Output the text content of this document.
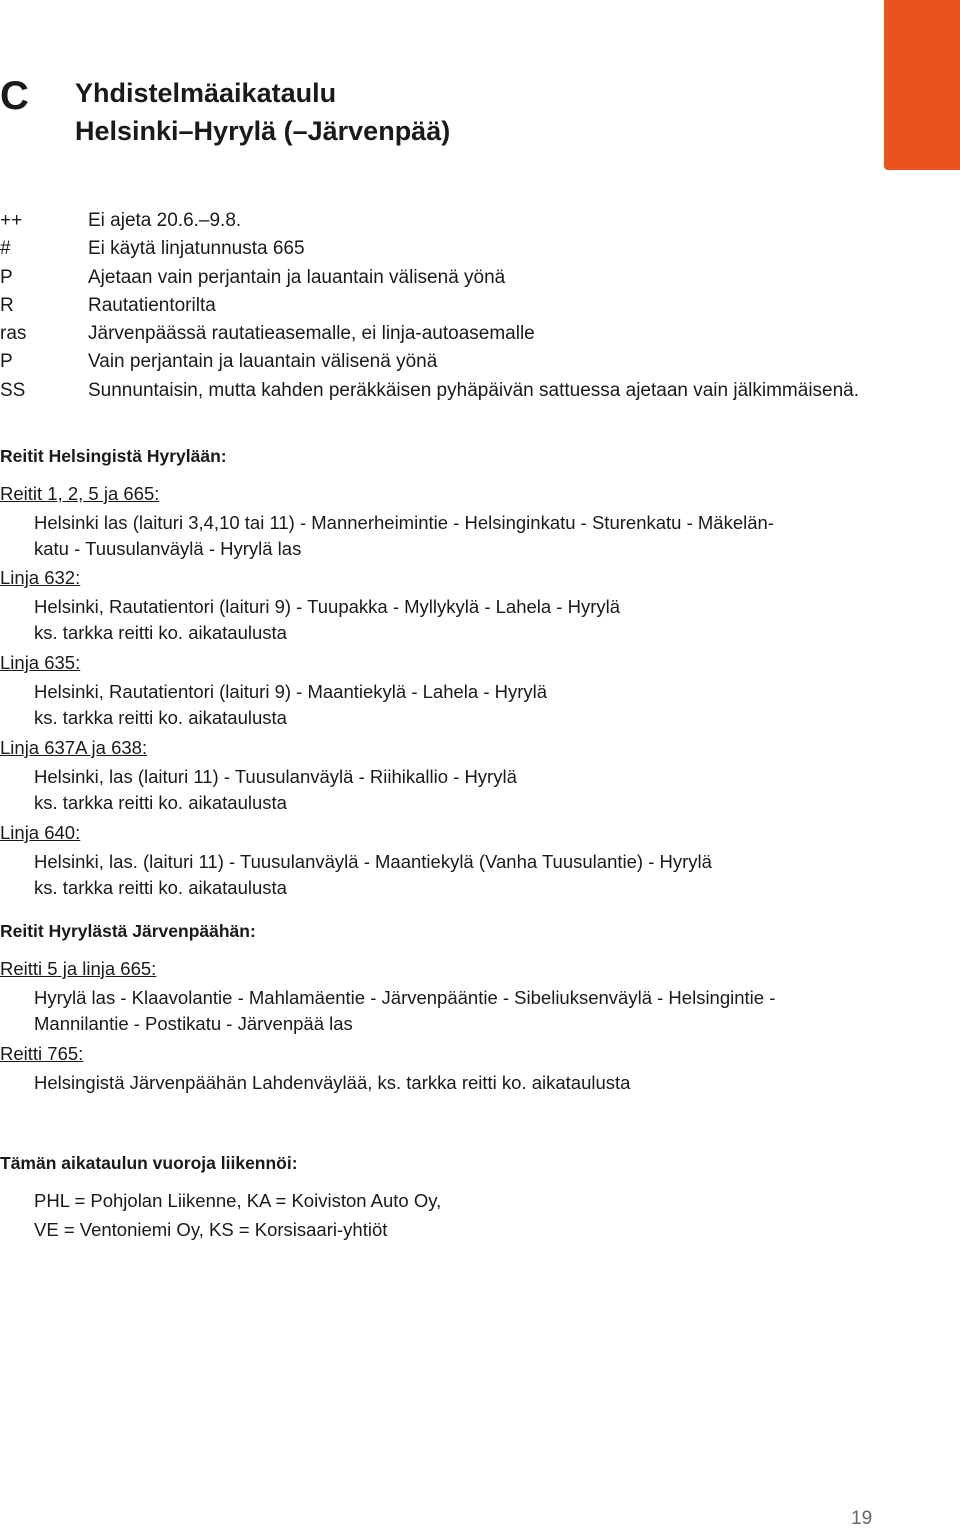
C Yhdistelmäaikataulu
Helsinki–Hyrylä (–Järvenpää)
++	Ei ajeta 20.6.–9.8.
#	Ei käytä linjatunnusta 665
P	Ajetaan vain perjantain ja lauantain välisenä yönä
R	Rautatientorilta
ras	Järvenpäässä rautatieasemalle, ei linja-autoasemalle
P	Vain perjantain ja lauantain välisenä yönä
SS	Sunnuntaisin, mutta kahden peräkkäisen pyhäpäivän sattuessa ajetaan vain jälkimmäisenä.
Reitit Helsingistä Hyrylään:
Reitit 1, 2, 5 ja 665:
Helsinki las (laituri 3,4,10 tai 11) - Mannerheimintie - Helsinginkatu - Sturenkatu - Mäkelän-
katu - Tuusulanväylä - Hyrylä las
Linja 632:
Helsinki, Rautatientori (laituri 9) - Tuupakka - Myllykylä - Lahela - Hyrylä
ks. tarkka reitti ko. aikataulusta
Linja 635:
Helsinki, Rautatientori (laituri 9) - Maantiekylä - Lahela - Hyrylä
ks. tarkka reitti ko. aikataulusta
Linja 637A ja 638:
Helsinki, las (laituri 11) - Tuusulanväylä - Riihikallio - Hyrylä
ks. tarkka reitti ko. aikataulusta
Linja 640:
Helsinki, las. (laituri 11) - Tuusulanväylä - Maantiekylä (Vanha Tuusulantie) - Hyrylä
ks. tarkka reitti ko. aikataulusta
Reitit Hyrylästä Järvenpäähän:
Reitti 5 ja linja 665:
Hyrylä las - Klaavolantie - Mahlamäentie - Järvenpääntie - Sibeliuksenväylä - Helsingintie -
Mannilantie - Postikatu - Järvenpää las
Reitti 765:
Helsingistä Järvenpäähän Lahdenväylää, ks. tarkka reitti ko. aikataulusta
Tämän aikataulun vuoroja liikennöi:
PHL = Pohjolan Liikenne, KA = Koiviston Auto Oy,
VE = Ventoniemi Oy, KS = Korsisaari-yhtiöt
19
